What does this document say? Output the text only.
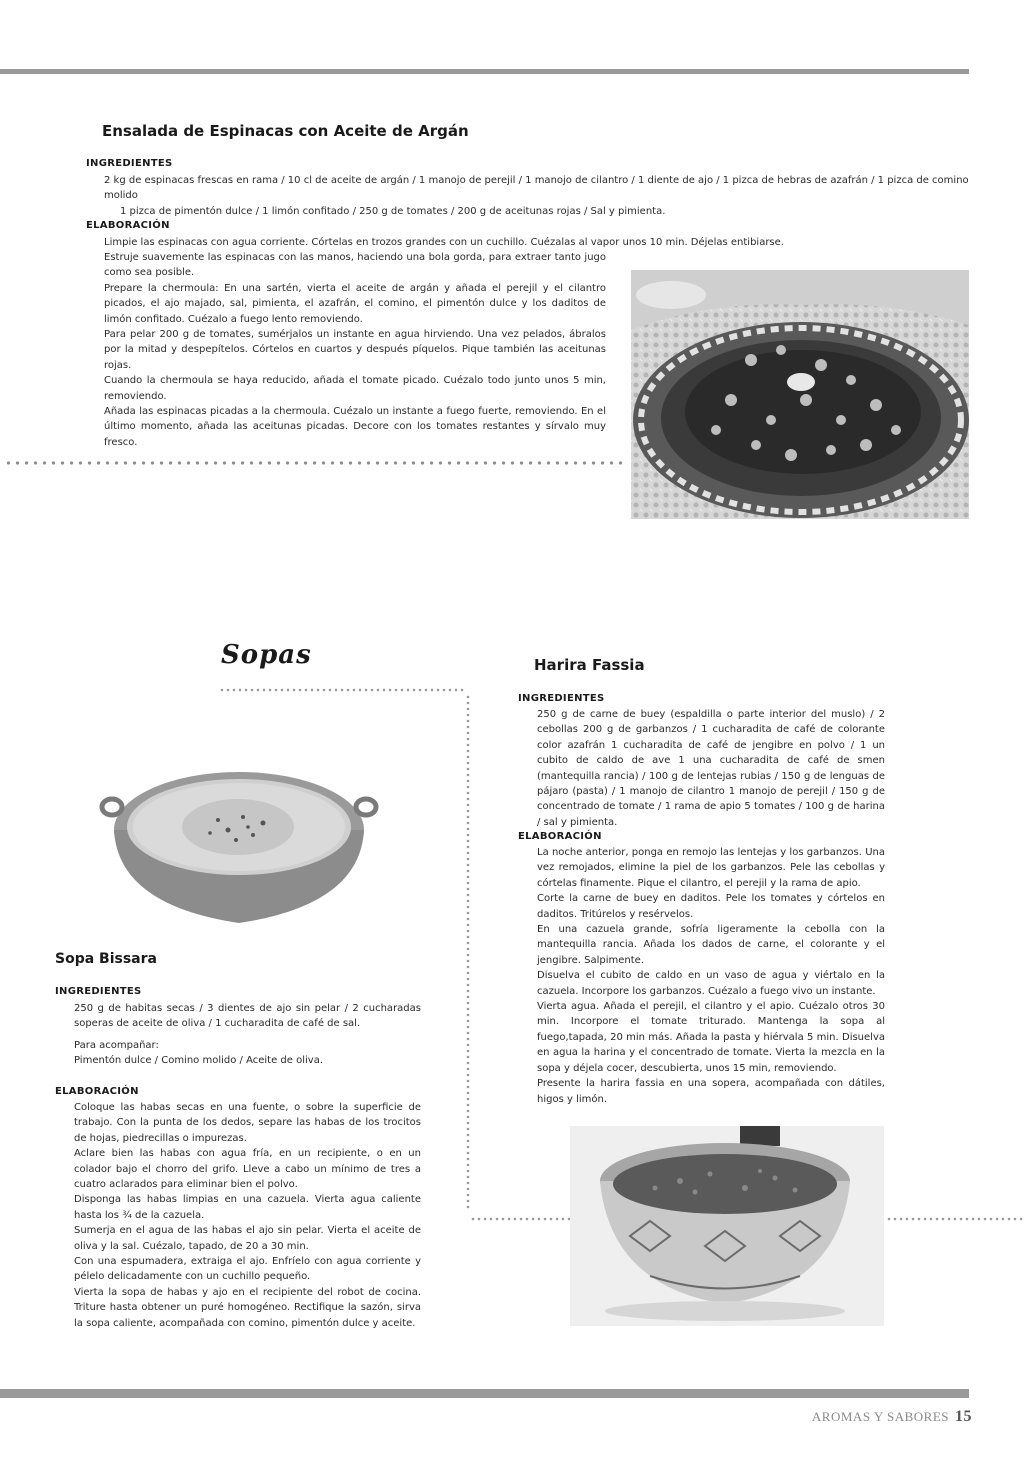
Ensalada de Espinacas con Aceite de Argán
INGREDIENTES

2 kg de espinacas frescas en rama / 10 cl de aceite de argán / 1 manojo de perejil / 1 manojo de cilantro / 1 diente de ajo / 1 pizca de hebras de azafrán / 1 pizca de comino molido

1 pizca de pimentón dulce / 1 limón confitado / 250 g de tomates / 200 g de aceitunas rojas / Sal y pimienta.

ELABORACIÓN
Limpie las espinacas con agua corriente. Córtelas en trozos grandes con un cuchillo. Cuézalas al vapor unos 10 min. Déjelas entibiarse.

Estruje suavemente las espinacas con las manos, haciendo una bola gorda, para extraer tanto jugo como sea posible.

Prepare la chermoula: En una sartén, vierta el aceite de argán y añada el perejil y el cilantro picados, el ajo majado, sal, pimienta, el azafrán, el comino, el pimentón dulce y los daditos de limón confitado. Cuézalo a fuego lento removiendo.

Para pelar 200 g de tomates, sumérjalos un instante en agua hirviendo. Una vez pelados, ábralos por la mitad y despepítelos. Córtelos en cuartos y después píquelos. Pique también las aceitunas rojas.

Cuando la chermoula se haya reducido, añada el tomate picado. Cuézalo todo junto unos 5 min, removiendo.

Añada las espinacas picadas a la chermoula. Cuézalo un instante a fuego fuerte, removiendo. En el último momento, añada las aceitunas picadas. Decore con los tomates restantes y sírvalo muy fresco.

Sopas
Sopa Bissara
INGREDIENTES
250 g de habitas secas / 3 dientes de ajo sin pelar / 2 cucharadas soperas de aceite de oliva / 1 cucharadita de café de sal.

Para acompañar:

Pimentón dulce / Comino molido / Aceite de oliva.

ELABORACIÓN

Coloque las habas secas en una fuente, o sobre la superficie de trabajo. Con la punta de los dedos, separe las habas de los trocitos de hojas, piedrecillas o impurezas.

Aclare bien las habas con agua fría, en un recipiente, o en un colador bajo el chorro del grifo. Lleve a cabo un mínimo de tres a cuatro aclarados para eliminar bien el polvo.

Disponga las habas limpias en una cazuela. Vierta agua caliente hasta los ¾ de la cazuela.

Sumerja en el agua de las habas el ajo sin pelar. Vierta el aceite de oliva y la sal. Cuézalo, tapado, de 20 a 30 min.

Con una espumadera, extraiga el ajo. Enfríelo con agua corriente y pélelo delicadamente con un cuchillo pequeño.

Vierta la sopa de habas y ajo en el recipiente del robot de cocina. Triture hasta obtener un puré homogéneo. Rectifique la sazón, sirva la sopa caliente, acompañada con comino, pimentón dulce y aceite.

Harira Fassia
INGREDIENTES
250 g de carne de buey (espaldilla o parte interior del muslo) / 2 cebollas 200 g de garbanzos / 1 cucharadita de café de colorante color azafrán 1 cucharadita de café de jengibre en polvo / 1 un cubito de caldo de ave 1 una cucharadita de café de smen (mantequilla rancia) / 100 g de lentejas rubias / 150 g de lenguas de pájaro (pasta) / 1 manojo de cilantro 1 manojo de perejil / 150 g de concentrado de tomate / 1 rama de apio 5 tomates / 100 g de harina / sal y pimienta.
ELABORACIÓN

La noche anterior, ponga en remojo las lentejas y los garbanzos. Una vez remojados, elimine la piel de los garbanzos. Pele las cebollas y córtelas finamente. Pique el cilantro, el perejil y la rama de apio.

Corte la carne de buey en daditos. Pele los tomates y córtelos en daditos. Tritúrelos y resérvelos.

En una cazuela grande, sofría ligeramente la cebolla con la mantequilla rancia. Añada los dados de carne, el colorante y el jengibre. Salpimente.

Disuelva el cubito de caldo en un vaso de agua y viértalo en la cazuela. Incorpore los garbanzos. Cuézalo a fuego vivo un instante.

Vierta agua. Añada el perejil, el cilantro y el apio. Cuézalo otros 30 min. Incorpore el tomate triturado. Mantenga la sopa al fuego,tapada, 20 min más. Añada la pasta y hiérvala 5 min. Disuelva en agua la harina y el concentrado de tomate. Vierta la mezcla en la sopa y déjela cocer, descubierta, unos 15 min, removiendo.

Presente la harira fassia en una sopera, acompañada con dátiles, higos y limón.

AROMAS Y SABORES 15
